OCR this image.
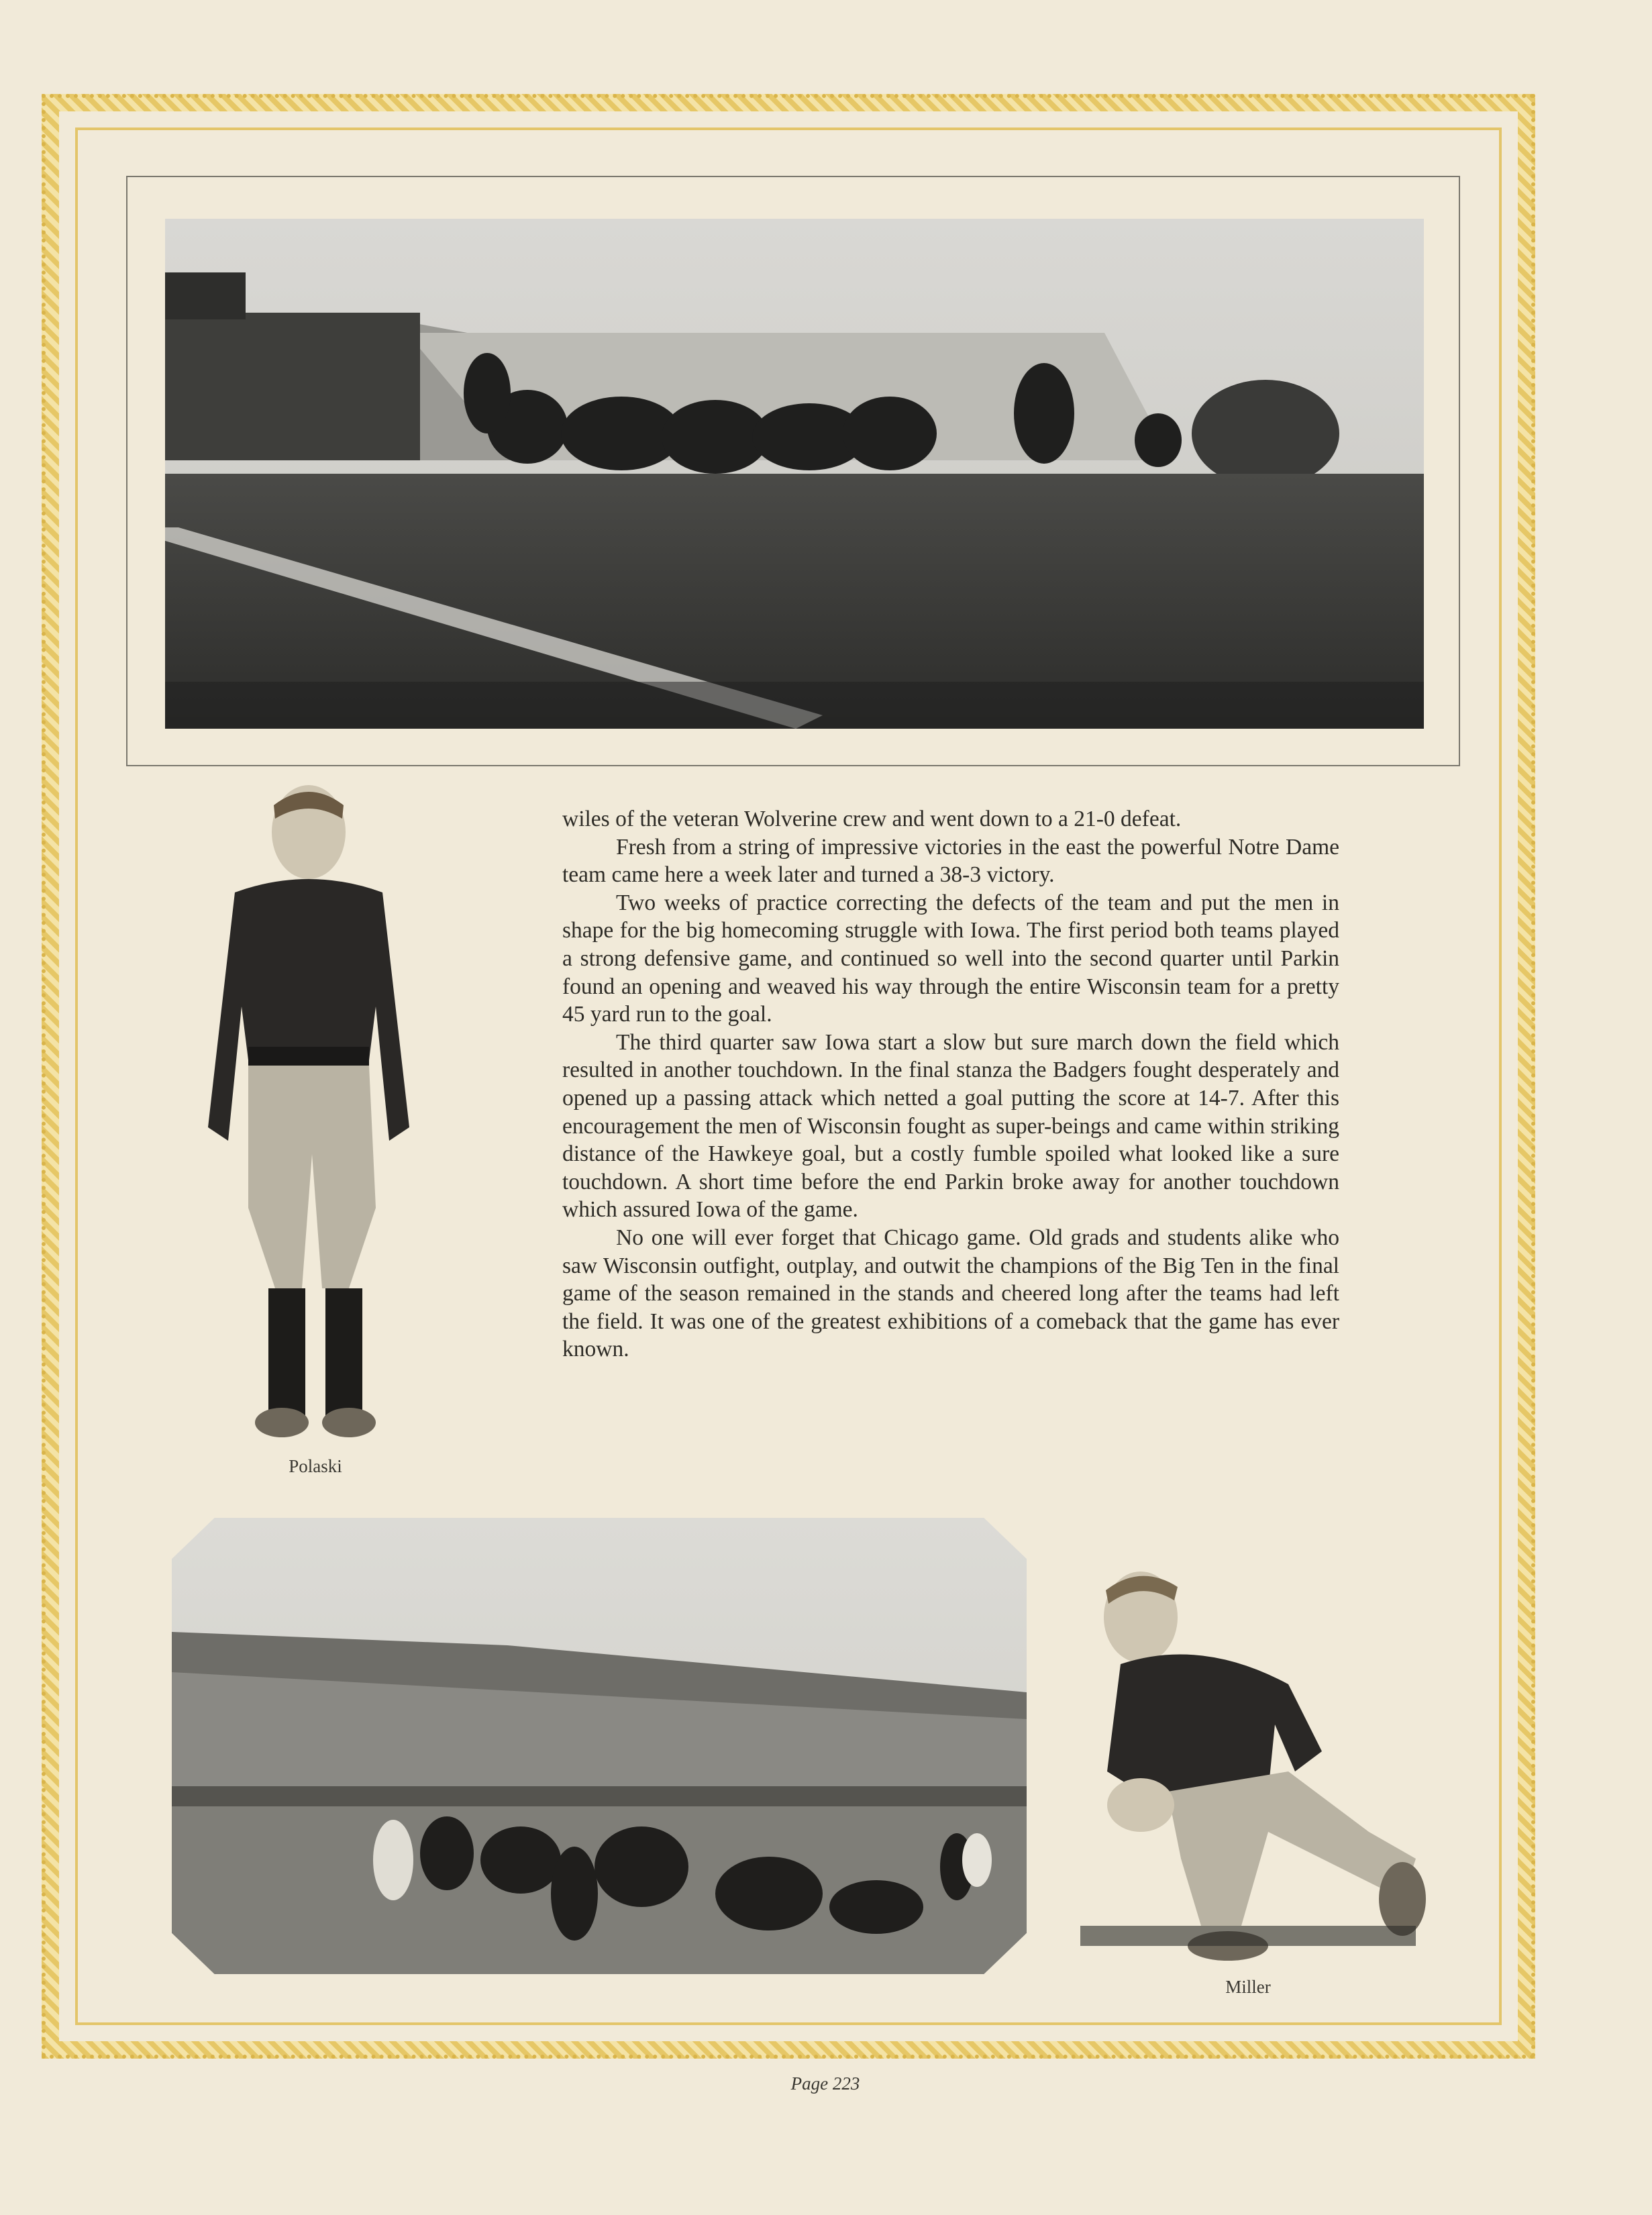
Polaski

wiles of the veteran Wolverine crew and went down to a 21-0 defeat.

Fresh from a string of impressive victories in the east the powerful Notre Dame team came here a week later and turned a 38-3 victory.

Two weeks of practice correcting the defects of the team and put the men in shape for the big homecoming struggle with Iowa. The first period both teams played a strong defensive game, and continued so well into the second quarter until Parkin found an opening and weaved his way through the entire Wisconsin team for a pretty 45 yard run to the goal.

The third quarter saw Iowa start a slow but sure march down the field which resulted in another touchdown. In the final stanza the Badgers fought desperately and opened up a passing attack which netted a goal putting the score at 14-7. After this encouragement the men of Wisconsin fought as super-beings and came within striking distance of the Hawkeye goal, but a costly fumble spoiled what looked like a sure touchdown. A short time before the end Parkin broke away for another touchdown which assured Iowa of the game.

No one will ever forget that Chicago game. Old grads and students alike who saw Wisconsin outfight, outplay, and outwit the champions of the Big Ten in the final game of the season remained in the stands and cheered long after the teams had left the field. It was one of the greatest exhibitions of a comeback that the game has ever known.

Miller
Page 223
